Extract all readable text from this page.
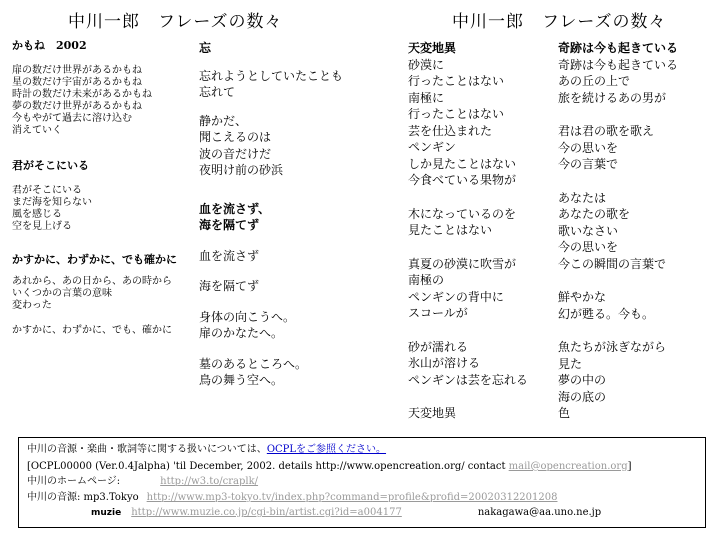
中川一郎　フレーズの数々
かもね　2002
扉の数だけ世界があるかもね
星の数だけ宇宙があるかもね
時計の数だけ未来があるかもね
夢の数だけ世界があるかもね
今もやがて過去に溶け込む
消えていく
君がそこにいる
君がそこにいる
まだ海を知らない
風を感じる
空を見上げる
かすかに、わずかに、でも確かに
あれから、あの日から、あの時から
いくつかの言葉の意味
変わった
かすかに、わずかに、でも、確かに
忘
忘れようとしていたことも
忘れて
静かだ、
聞こえるのは
波の音だけだ
夜明け前の砂浜
血を流さず、
海を隔てず
血を流さず
海を隔てず
身体の向こうへ。
扉のかなたへ。
墓のあるところへ。
鳥の舞う空へ。
中川一郎　フレーズの数々
天変地異
砂漠に
行ったことはない
南極に
行ったことはない
芸を仕込まれた
ペンギン
しか見たことはない
今食べている果物が
木になっているのを
見たことはない
真夏の砂漠に吹雪が
南極の
ペンギンの背中に
スコールが
砂が濡れる
氷山が溶ける
ペンギンは芸を忘れる
天変地異
奇跡は今も起きている
奇跡は今も起きている
あの丘の上で
旅を続けるあの男が
君は君の歌を歌え
今の思いを
今の言葉で
あなたは
あなたの歌を
歌いなさい
今の思いを
今この瞬間の言葉で
鮮やかな
幻が甦る。今も。
魚たちが泳ぎながら
見た
夢の中の
海の底の
色
中川の音源・楽曲・歌詞等に関する扱いについては、OCPLをご参照ください。
[OCPL00000 (Ver.0.4Jalpha) 'til December, 2002. details http://www.opencreation.org/ contact mail@opencreation.org]
中川のホームページ:	http://w3.to/craplk/
中川の音源: mp3.Tokyo http://www.mp3-tokyo.tv/index.php?command=profile&profid=20020312201208
muzie http://www.muzie.co.jp/cgi-bin/artist.cgi?id=a004177	nakagawa@aa.uno.ne.jp
